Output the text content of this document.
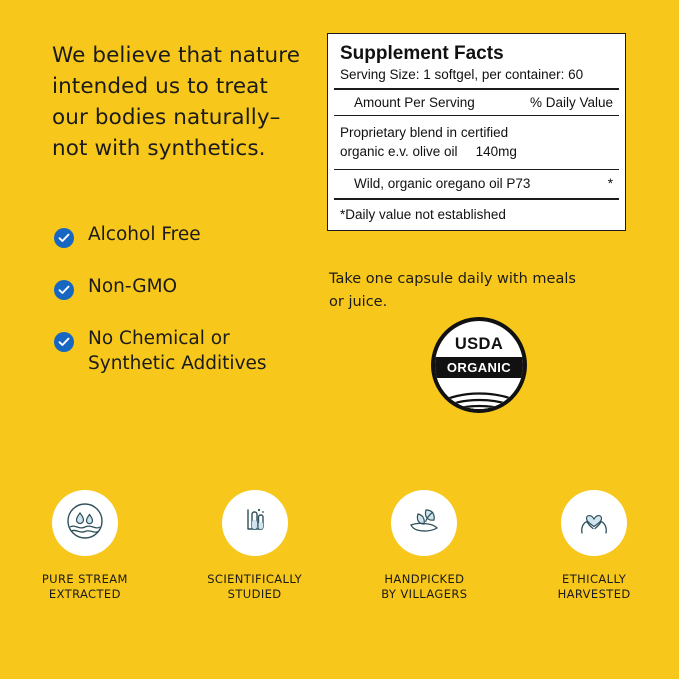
We believe that nature
intended us to treat
our bodies naturally–
not with synthetics.
Alcohol Free
Non-GMO
No Chemical or
Synthetic Additives
Supplement Facts
Serving Size: 1 softgel, per container: 60
Amount Per Serving	% Daily Value
Proprietary blend in certified
organic e.v. olive oil 140mg
Wild, organic oregano oil P73	*
*Daily value not established
Take one capsule daily with meals
or juice.
USDA
ORGANIC
PURE STREAM
EXTRACTED
SCIENTIFICALLY
STUDIED
HANDPICKED
BY VILLAGERS
ETHICALLY
HARVESTED
